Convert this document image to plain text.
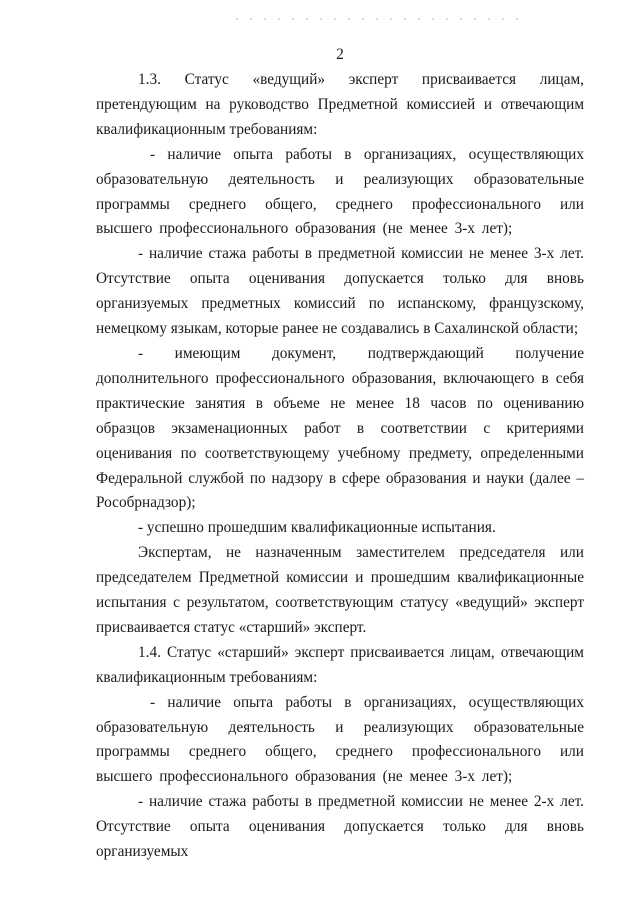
2

1.3. Статус «ведущий» эксперт присваивается лицам, претендующим на руководство Предметной комиссией и отвечающим квалификационным требованиям:

- наличие опыта работы в организациях, осуществляющих образовательную деятельность и реализующих образовательные программы среднего общего, среднего профессионального или высшего профессионального образования (не менее 3-х лет);

- наличие стажа работы в предметной комиссии не менее 3-х лет. Отсутствие опыта оценивания допускается только для вновь организуемых предметных комиссий по испанскому, французскому, немецкому языкам, которые ранее не создавались в Сахалинской области;

- имеющим документ, подтверждающий получение дополнительного профессионального образования, включающего в себя практические занятия в объеме не менее 18 часов по оцениванию образцов экзаменационных работ в соответствии с критериями оценивания по соответствующему учебному предмету, определенными Федеральной службой по надзору в сфере образования и науки (далее – Рособрнадзор);

- успешно прошедшим квалификационные испытания.

Экспертам, не назначенным заместителем председателя или председателем Предметной комиссии и прошедшим квалификационные испытания с результатом, соответствующим статусу «ведущий» эксперт присваивается статус «старший» эксперт.

1.4. Статус «старший» эксперт присваивается лицам, отвечающим квалификационным требованиям:

- наличие опыта работы в организациях, осуществляющих образовательную деятельность и реализующих образовательные программы среднего общего, среднего профессионального или высшего профессионального образования (не менее 3-х лет);

- наличие стажа работы в предметной комиссии не менее 2-х лет. Отсутствие опыта оценивания допускается только для вновь организуемых
